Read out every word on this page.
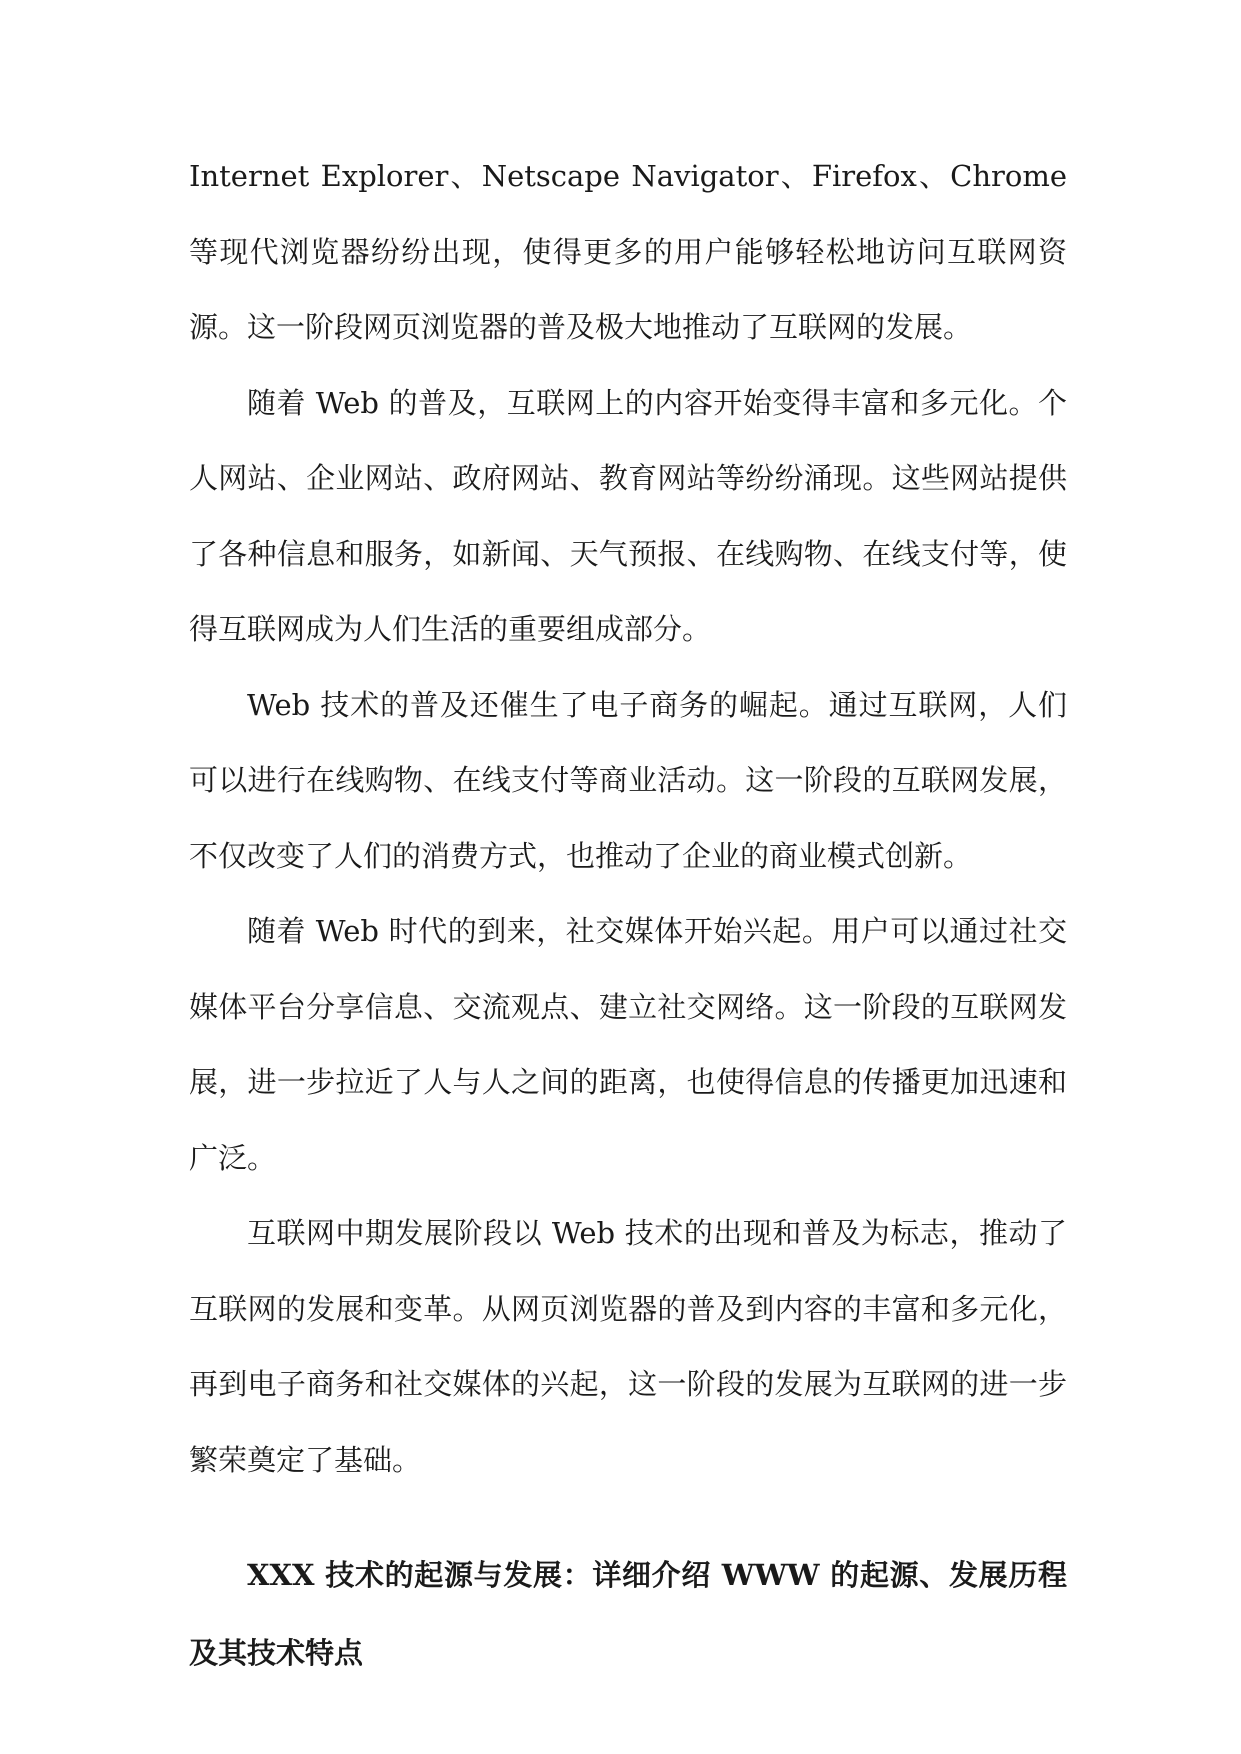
Internet Explorer、Netscape Navigator、Firefox、Chrome 等现代浏览器纷纷出现，使得更多的用户能够轻松地访问互联网资源。这一阶段网页浏览器的普及极大地推动了互联网的发展。

随着 Web 的普及，互联网上的内容开始变得丰富和多元化。个人网站、企业网站、政府网站、教育网站等纷纷涌现。这些网站提供了各种信息和服务，如新闻、天气预报、在线购物、在线支付等，使得互联网成为人们生活的重要组成部分。

Web 技术的普及还催生了电子商务的崛起。通过互联网，人们可以进行在线购物、在线支付等商业活动。这一阶段的互联网发展，不仅改变了人们的消费方式，也推动了企业的商业模式创新。

随着 Web 时代的到来，社交媒体开始兴起。用户可以通过社交媒体平台分享信息、交流观点、建立社交网络。这一阶段的互联网发展，进一步拉近了人与人之间的距离，也使得信息的传播更加迅速和广泛。

互联网中期发展阶段以 Web 技术的出现和普及为标志，推动了互联网的发展和变革。从网页浏览器的普及到内容的丰富和多元化，再到电子商务和社交媒体的兴起，这一阶段的发展为互联网的进一步繁荣奠定了基础。

XXX 技术的起源与发展：详细介绍 WWW 的起源、发展历程及其技术特点
